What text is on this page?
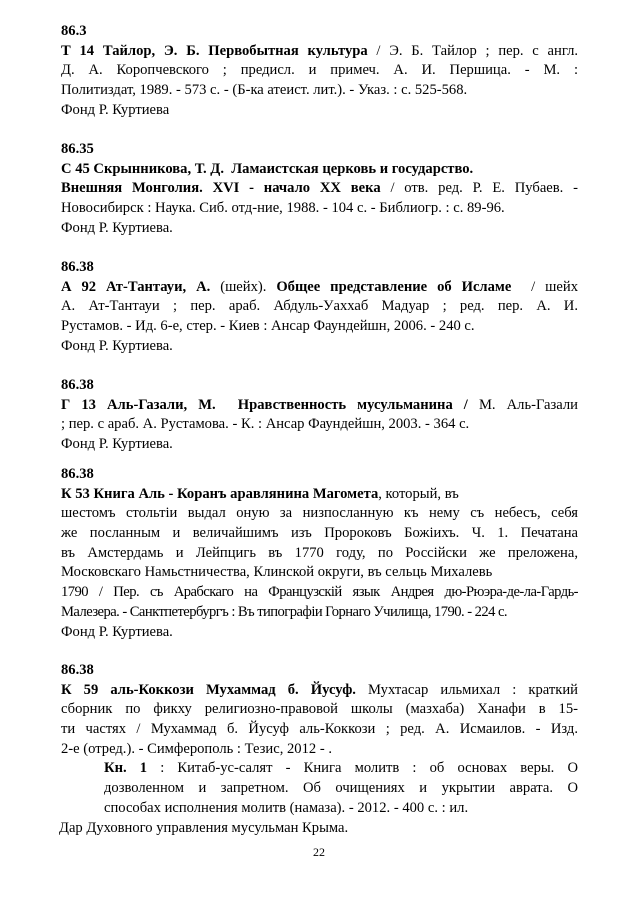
86.3
Т 14 Тайлор, Э. Б. Первобытная культура / Э. Б. Тайлор ; пер. с англ.
Д. А. Коропчевского ; предисл. и примеч. А. И. Першица. - М. :
Политиздат, 1989. - 573 с. - (Б-ка атеист. лит.). - Указ. : с. 525-568.
Фонд Р. Куртиева
86.35
С 45 Скрынникова, Т. Д.  Ламаистская церковь и государство.
Внешняя Монголия. XVI - начало XX века / отв. ред. Р. Е. Пубаев. -
Новосибирск : Наука. Сиб. отд-ние, 1988. - 104 с. - Библиогр. : с. 89-96.
Фонд Р. Куртиева.
86.38
А 92 Ат-Тантауи, А. (шейх). Общее представление об Исламе  / шейх
А. Ат-Тантауи ; пер. араб. Абдуль-Уаххаб Мадуар ; ред. пер. А. И.
Рустамов. - Ид. 6-е, стер. - Киев : Ансар Фаундейшн, 2006. - 240 с.
Фонд Р. Куртиева.
86.38
Г 13 Аль-Газали, М.  Нравственность мусульманина / М. Аль-Газали
; пер. с араб. А. Рустамова. - К. : Ансар Фаундейшн, 2003. - 364 с.
Фонд Р. Куртиева.
86.38
К 53 Книга Аль - Коранъ аравлянина Магомета, который, въ
шестомъ стольтіи выдал оную за низпосланную къ нему съ небесъ, себя
же посланным и величайшимъ изъ Пророковъ Божіихъ. Ч. 1. Печатана
въ Амстердамь и Лейпцигь въ 1770 году, по Россійски же преложена,
Московскаго Намьстничества, Клинской округи, въ сельць Михалевь
1790 / Пер. съ Арабскаго на Французскій язык Андрея дю-Рюэра-де-ла-Гардь-
Малезера. - Санктпетербургъ : Въ типографіи Горнаго Училища, 1790. - 224 с.
Фонд Р. Куртиева.
86.38
К 59 аль-Коккози Мухаммад б. Йусуф. Мухтасар ильмихал : краткий
сборник по фикху религиозно-правовой школы (мазхаба) Ханафи в 15-
ти частях / Мухаммад б. Йусуф аль-Коккози ; ред. А. Исмаилов. - Изд.
2-е (отред.). - Симферополь : Тезис, 2012 - .
Кн. 1 : Китаб-ус-салят - Книга молитв : об основах веры. О
дозволенном и запретном. Об очищениях и укрытии аврата. О
способах исполнения молитв (намаза). - 2012. - 400 с. : ил.
Дар Духовного управления мусульман Крыма.
22
